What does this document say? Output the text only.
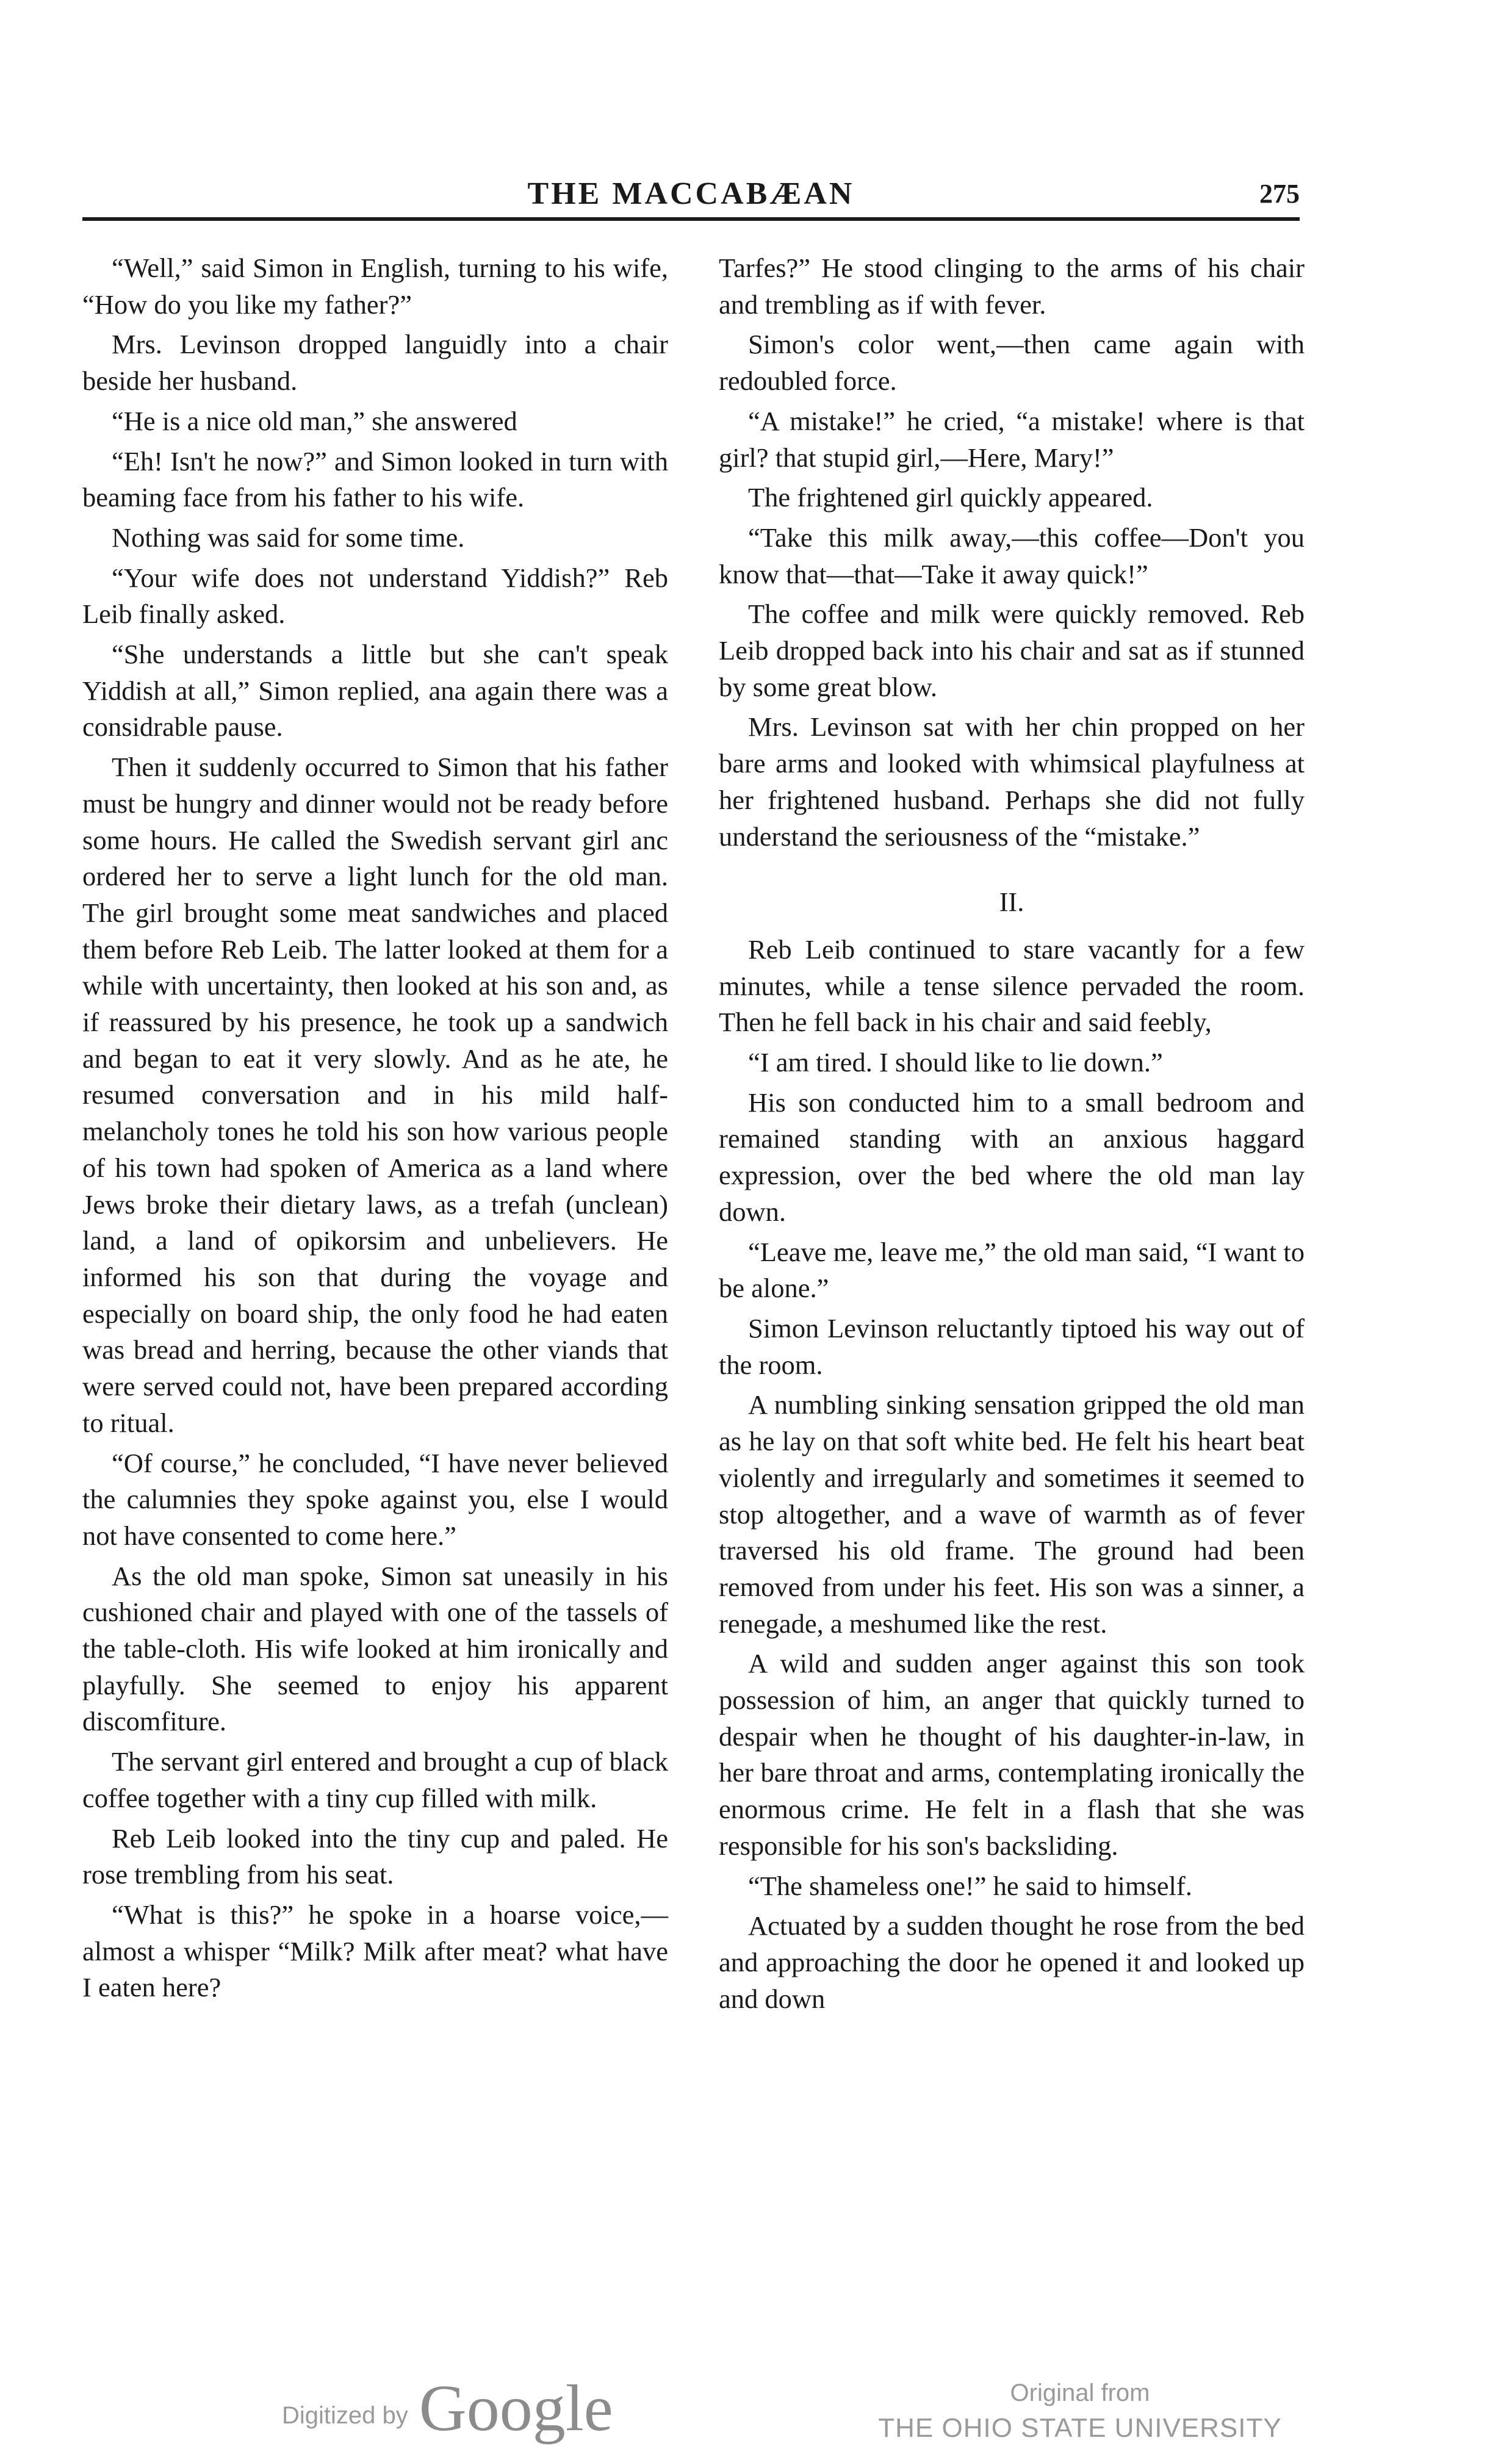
THE MACCABÆAN	275

“Well,” said Simon in English, turning to his wife, “How do you like my father?”

Mrs. Levinson dropped languidly into a chair beside her husband.

“He is a nice old man,” she answered

“Eh! Isn't he now?” and Simon looked in turn with beaming face from his father to his wife.

Nothing was said for some time.

“Your wife does not understand Yiddish?” Reb Leib finally asked.

“She understands a little but she can't speak Yiddish at all,” Simon replied, ana again there was a considrable pause.

Then it suddenly occurred to Simon that his father must be hungry and dinner would not be ready before some hours. He called the Swedish servant girl anc ordered her to serve a light lunch for the old man. The girl brought some meat sandwiches and placed them before Reb Leib. The latter looked at them for a while with uncertainty, then looked at his son and, as if reassured by his presence, he took up a sandwich and began to eat it very slowly. And as he ate, he resumed conversation and in his mild half-melancholy tones he told his son how various people of his town had spoken of America as a land where Jews broke their dietary laws, as a trefah (unclean) land, a land of opikorsim and unbelievers. He informed his son that during the voyage and especially on board ship, the only food he had eaten was bread and herring, because the other viands that were served could not, have been prepared according to ritual.

“Of course,” he concluded, “I have never believed the calumnies they spoke against you, else I would not have consented to come here.”

As the old man spoke, Simon sat uneasily in his cushioned chair and played with one of the tassels of the table-cloth. His wife looked at him ironically and playfully. She seemed to enjoy his apparent discomfiture.

The servant girl entered and brought a cup of black coffee together with a tiny cup filled with milk.

Reb Leib looked into the tiny cup and paled. He rose trembling from his seat.

“What is this?” he spoke in a hoarse voice,—almost a whisper “Milk? Milk after meat? what have I eaten here?

Tarfes?” He stood clinging to the arms of his chair and trembling as if with fever.

Simon's color went,—then came again with redoubled force.

“A mistake!” he cried, “a mistake! where is that girl? that stupid girl,—Here, Mary!”

The frightened girl quickly appeared.

“Take this milk away,—this coffee—Don't you know that—that—Take it away quick!”

The coffee and milk were quickly removed. Reb Leib dropped back into his chair and sat as if stunned by some great blow.

Mrs. Levinson sat with her chin propped on her bare arms and looked with whimsical playfulness at her frightened husband. Perhaps she did not fully understand the seriousness of the “mistake.”

II.

Reb Leib continued to stare vacantly for a few minutes, while a tense silence pervaded the room. Then he fell back in his chair and said feebly,

“I am tired. I should like to lie down.”

His son conducted him to a small bedroom and remained standing with an anxious haggard expression, over the bed where the old man lay down.

“Leave me, leave me,” the old man said, “I want to be alone.”

Simon Levinson reluctantly tiptoed his way out of the room.

A numbling sinking sensation gripped the old man as he lay on that soft white bed. He felt his heart beat violently and irregularly and sometimes it seemed to stop altogether, and a wave of warmth as of fever traversed his old frame. The ground had been removed from under his feet. His son was a sinner, a renegade, a meshumed like the rest.

A wild and sudden anger against this son took possession of him, an anger that quickly turned to despair when he thought of his daughter-in-law, in her bare throat and arms, contemplating ironically the enormous crime. He felt in a flash that she was responsible for his son's backsliding.

“The shameless one!” he said to himself.

Actuated by a sudden thought he rose from the bed and approaching the door he opened it and looked up and down

Digitized by Google	Original from
THE OHIO STATE UNIVERSITY
